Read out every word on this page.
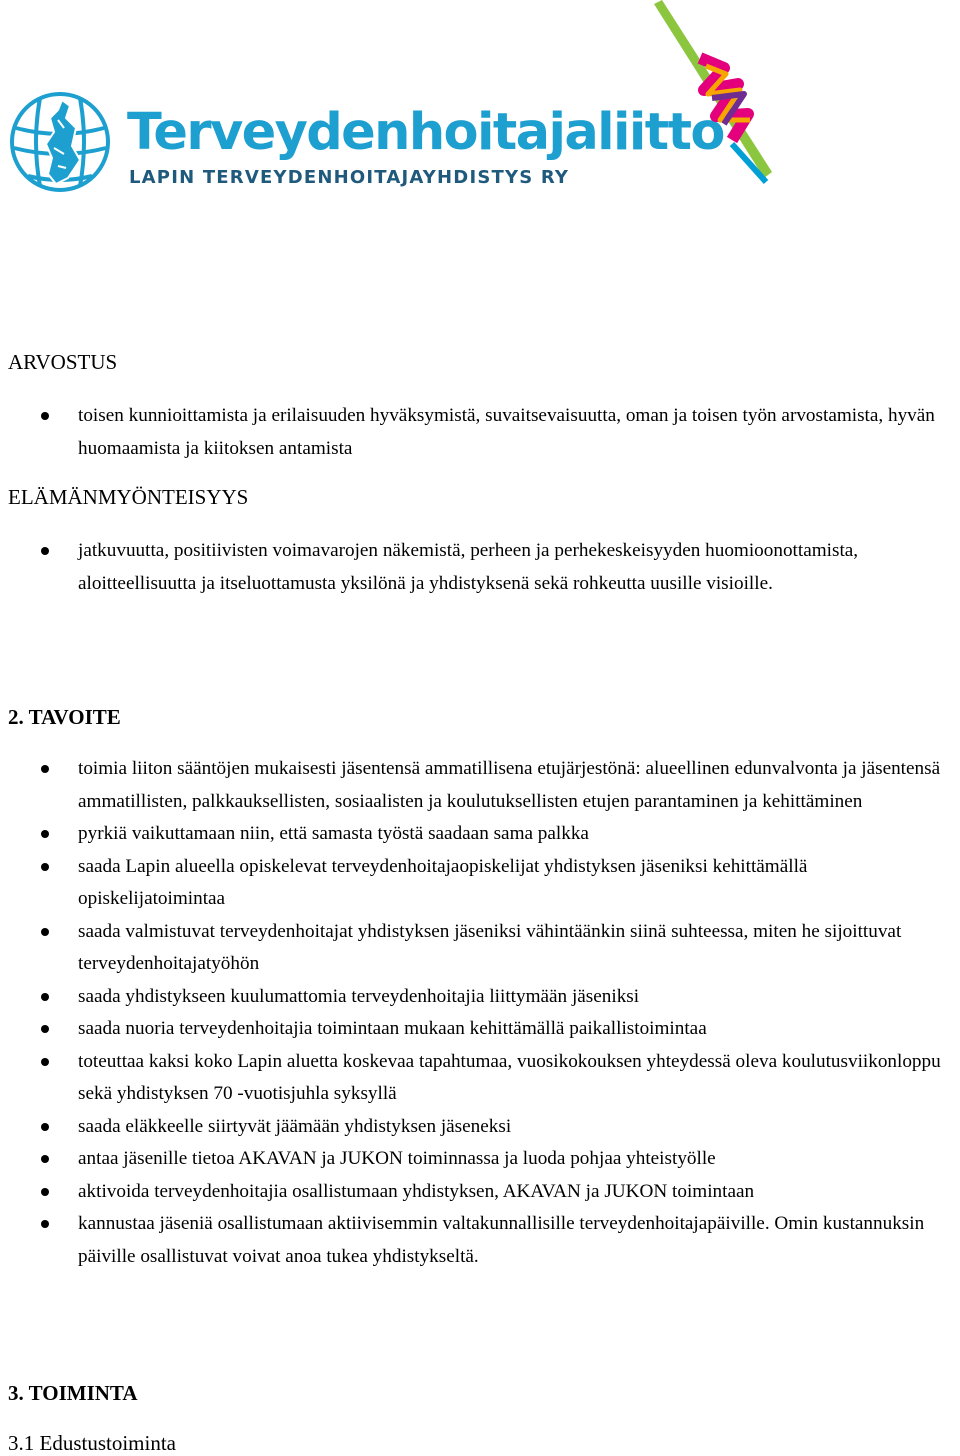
Terveydenhoitajaliitto
LAPIN TERVEYDENHOITAJAYHDISTYS RY
ARVOSTUS
toisen kunnioittamista ja erilaisuuden hyväksymistä, suvaitsevaisuutta, oman ja toisen työn arvostamista, hyvän huomaamista ja kiitoksen antamista
ELÄMÄNMYÖNTEISYYS
jatkuvuutta, positiivisten voimavarojen näkemistä, perheen ja perhekeskeisyyden huomioonottamista, aloitteellisuutta ja itseluottamusta yksilönä ja yhdistyksenä sekä rohkeutta uusille visioille.
2. TAVOITE
toimia liiton sääntöjen mukaisesti jäsentensä ammatillisena etujärjestönä: alueellinen edunvalvonta ja jäsentensä ammatillisten, palkkauksellisten, sosiaalisten ja koulutuksellisten etujen parantaminen ja kehittäminen
pyrkiä vaikuttamaan niin, että samasta työstä saadaan sama palkka
saada Lapin alueella opiskelevat terveydenhoitajaopiskelijat yhdistyksen jäseniksi kehittämällä opiskelijatoimintaa
saada valmistuvat terveydenhoitajat yhdistyksen jäseniksi vähintäänkin siinä suhteessa, miten he sijoittuvat terveydenhoitajatyöhön
saada yhdistykseen kuulumattomia terveydenhoitajia liittymään jäseniksi
saada nuoria terveydenhoitajia toimintaan mukaan kehittämällä paikallistoimintaa
toteuttaa kaksi koko Lapin aluetta koskevaa tapahtumaa, vuosikokouksen yhteydessä oleva koulutusviikonloppu sekä yhdistyksen 70 -vuotisjuhla syksyllä
saada eläkkeelle siirtyvät jäämään yhdistyksen jäseneksi
antaa jäsenille tietoa AKAVAN ja JUKON toiminnassa ja luoda pohjaa yhteistyölle
aktivoida terveydenhoitajia osallistumaan yhdistyksen, AKAVAN ja JUKON toimintaan
kannustaa jäseniä osallistumaan aktiivisemmin valtakunnallisille terveydenhoitajapäiville. Omin kustannuksin päiville osallistuvat voivat anoa tukea yhdistykseltä.
3. TOIMINTA
3.1 Edustustoiminta
